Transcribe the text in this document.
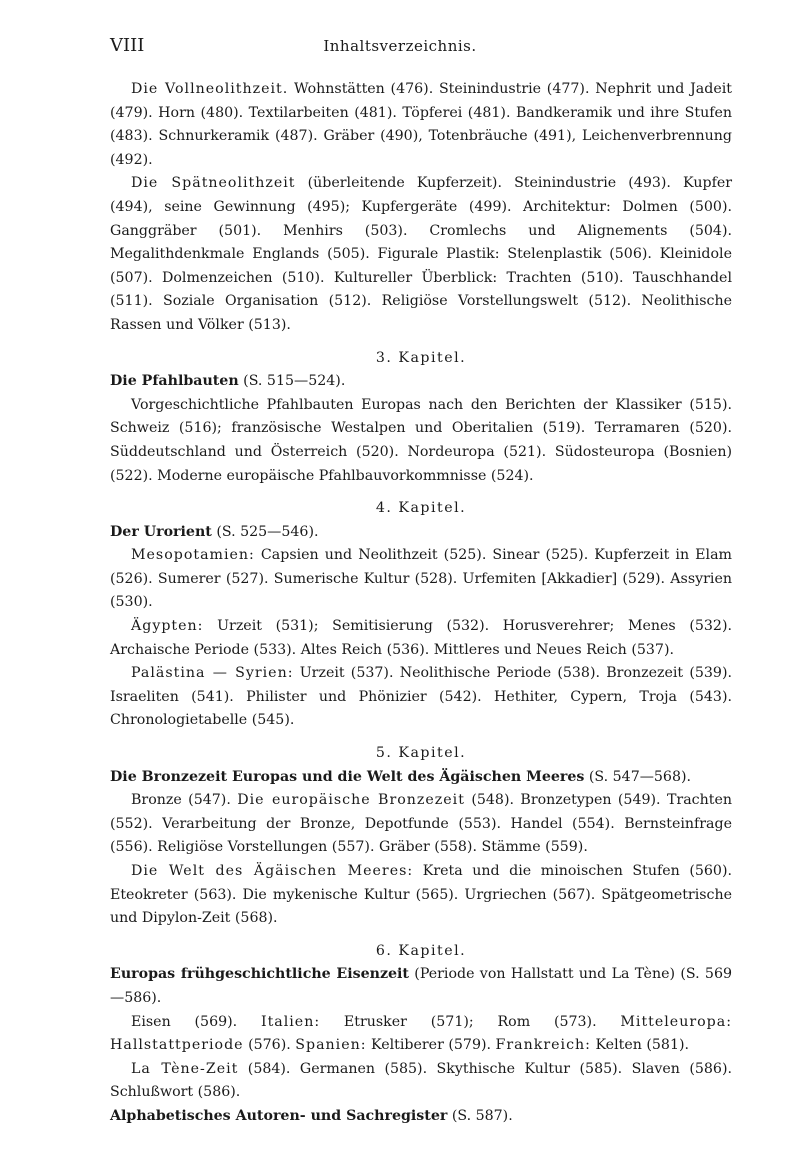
VIII	Inhaltsverzeichnis.

Die Vollneolithzeit. Wohnstätten (476). Steinindustrie (477). Nephrit und Jadeit (479). Horn (480). Textilarbeiten (481). Töpferei (481). Bandkeramik und ihre Stufen (483). Schnurkeramik (487). Gräber (490), Totenbräuche (491), Leichenverbrennung (492).

Die Spätneolithzeit (überleitende Kupferzeit). Steinindustrie (493). Kupfer (494), seine Gewinnung (495); Kupfergeräte (499). Architektur: Dolmen (500). Ganggräber (501). Menhirs (503). Cromlechs und Alignements (504). Megalithdenkmale Englands (505). Figurale Plastik: Stelenplastik (506). Kleinidole (507). Dolmenzeichen (510). Kultureller Überblick: Trachten (510). Tauschhandel (511). Soziale Organisation (512). Religiöse Vorstellungswelt (512). Neolithische Rassen und Völker (513).

3. Kapitel.

Die Pfahlbauten (S. 515—524).

Vorgeschichtliche Pfahlbauten Europas nach den Berichten der Klassiker (515). Schweiz (516); französische Westalpen und Oberitalien (519). Terramaren (520). Süddeutschland und Österreich (520). Nordeuropa (521). Südosteuropa (Bosnien) (522). Moderne europäische Pfahlbauvorkommnisse (524).

4. Kapitel.

Der Urorient (S. 525—546).

Mesopotamien: Capsien und Neolithzeit (525). Sinear (525). Kupferzeit in Elam (526). Sumerer (527). Sumerische Kultur (528). Urfemiten [Akkadier] (529). Assyrien (530).

Ägypten: Urzeit (531); Semitisierung (532). Horusverehrer; Menes (532). Archaische Periode (533). Altes Reich (536). Mittleres und Neues Reich (537).

Palästina — Syrien: Urzeit (537). Neolithische Periode (538). Bronzezeit (539). Israeliten (541). Philister und Phönizier (542). Hethiter, Cypern, Troja (543). Chronologietabelle (545).

5. Kapitel.

Die Bronzezeit Europas und die Welt des Ägäischen Meeres (S. 547—568).

Bronze (547). Die europäische Bronzezeit (548). Bronzetypen (549). Trachten (552). Verarbeitung der Bronze, Depotfunde (553). Handel (554). Bernsteinfrage (556). Religiöse Vorstellungen (557). Gräber (558). Stämme (559).

Die Welt des Ägäischen Meeres: Kreta und die minoischen Stufen (560). Eteokreter (563). Die mykenische Kultur (565). Urgriechen (567). Spätgeometrische und Dipylon-Zeit (568).

6. Kapitel.

Europas frühgeschichtliche Eisenzeit (Periode von Hallstatt und La Tène) (S. 569—586).

Eisen (569). Italien: Etrusker (571); Rom (573). Mitteleuropa: Hallstattperiode (576). Spanien: Keltiberer (579). Frankreich: Kelten (581).

La Tène-Zeit (584). Germanen (585). Skythische Kultur (585). Slaven (586). Schlußwort (586).

Alphabetisches Autoren- und Sachregister (S. 587).
